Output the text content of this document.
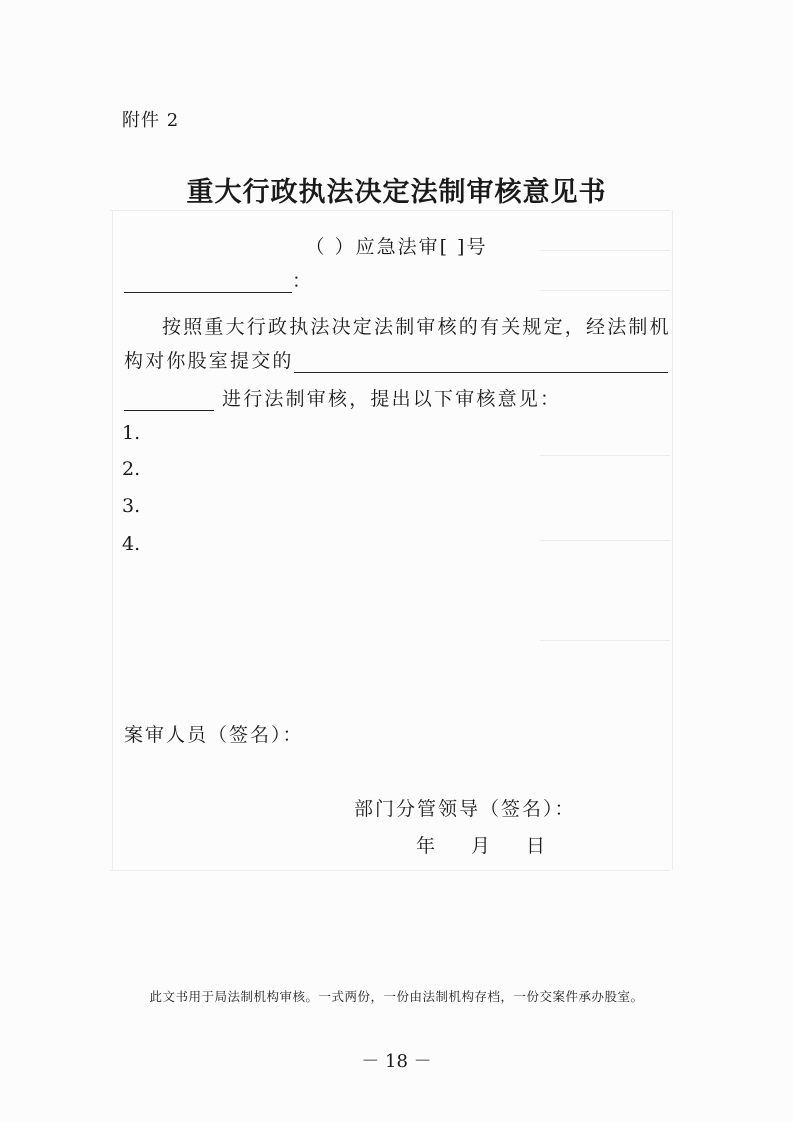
附件 2
重大行政执法决定法制审核意见书
（ ）应急法审[ ]号
：
按照重大行政执法决定法制审核的有关规定，经法制机
构对你股室提交的
进行法制审核，提出以下审核意见：
1.
2.
3.
4.
案审人员（签名）：
部门分管领导（签名）：
年 月 日
此文书用于局法制机构审核。一式两份，一份由法制机构存档，一份交案件承办股室。
－ 18 －
